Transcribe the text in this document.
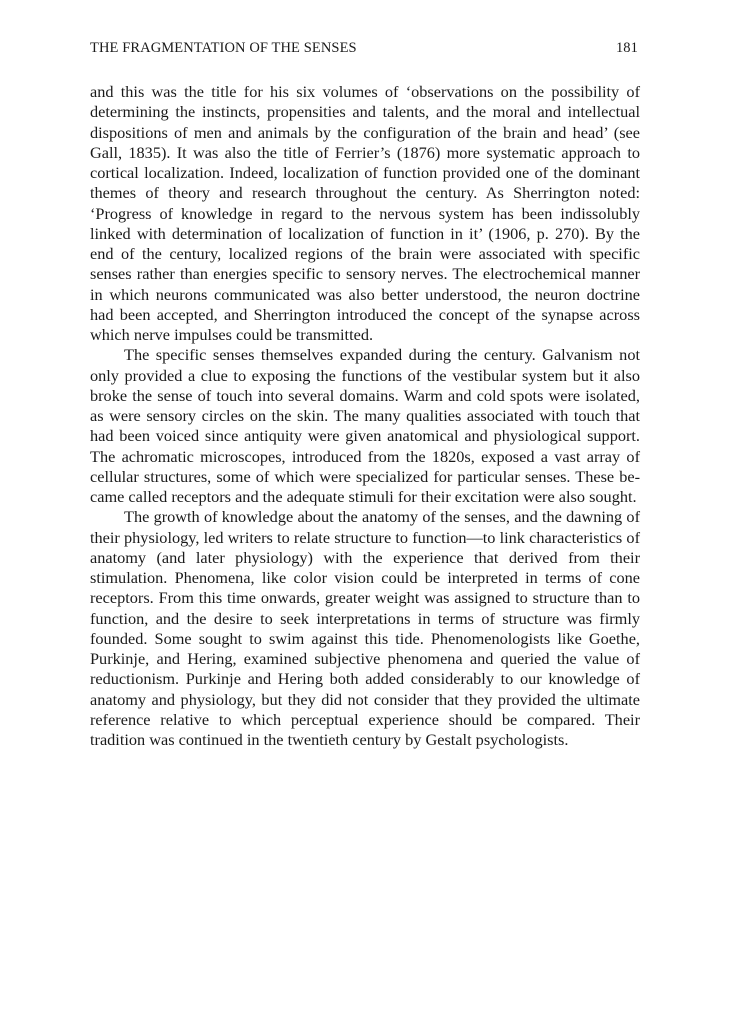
THE FRAGMENTATION OF THE SENSES	181

and this was the title for his six volumes of ‘observations on the possibility of determining the instincts, propensities and talents, and the moral and intellectual dispositions of men and animals by the configuration of the brain and head’ (see Gall, 1835). It was also the title of Ferrier’s (1876) more systematic approach to cortical localization. Indeed, localization of function provided one of the dominant themes of theory and research throughout the century. As Sherrington noted: ‘Progress of knowledge in regard to the nervous system has been indissolubly linked with determination of localization of function in it’ (1906, p. 270). By the end of the century, localized regions of the brain were associated with specific senses rather than energies specific to sensory nerves. The electrochemical manner in which neurons communicated was also better understood, the neuron doctrine had been accepted, and Sherrington introduced the concept of the synapse across which nerve impulses could be transmitted.

The specific senses themselves expanded during the century. Galvanism not only provided a clue to exposing the functions of the vestibular system but it also broke the sense of touch into several domains. Warm and cold spots were isolated, as were sensory circles on the skin. The many qualities associated with touch that had been voiced since antiquity were given anatomical and physiological support. The achromatic microscopes, introduced from the 1820s, exposed a vast array of cellular structures, some of which were specialized for particular senses. These became called receptors and the adequate stimuli for their excitation were also sought.

The growth of knowledge about the anatomy of the senses, and the dawning of their physiology, led writers to relate structure to function—to link characteristics of anatomy (and later physiology) with the experience that derived from their stimulation. Phenomena, like color vision could be interpreted in terms of cone receptors. From this time onwards, greater weight was assigned to structure than to function, and the desire to seek interpretations in terms of structure was firmly founded. Some sought to swim against this tide. Phenomenologists like Goethe, Purkinje, and Hering, examined subjective phenomena and queried the value of reductionism. Purkinje and Hering both added considerably to our knowledge of anatomy and physiology, but they did not consider that they provided the ultimate reference relative to which perceptual experience should be compared. Their tradition was continued in the twentieth century by Gestalt psychologists.
